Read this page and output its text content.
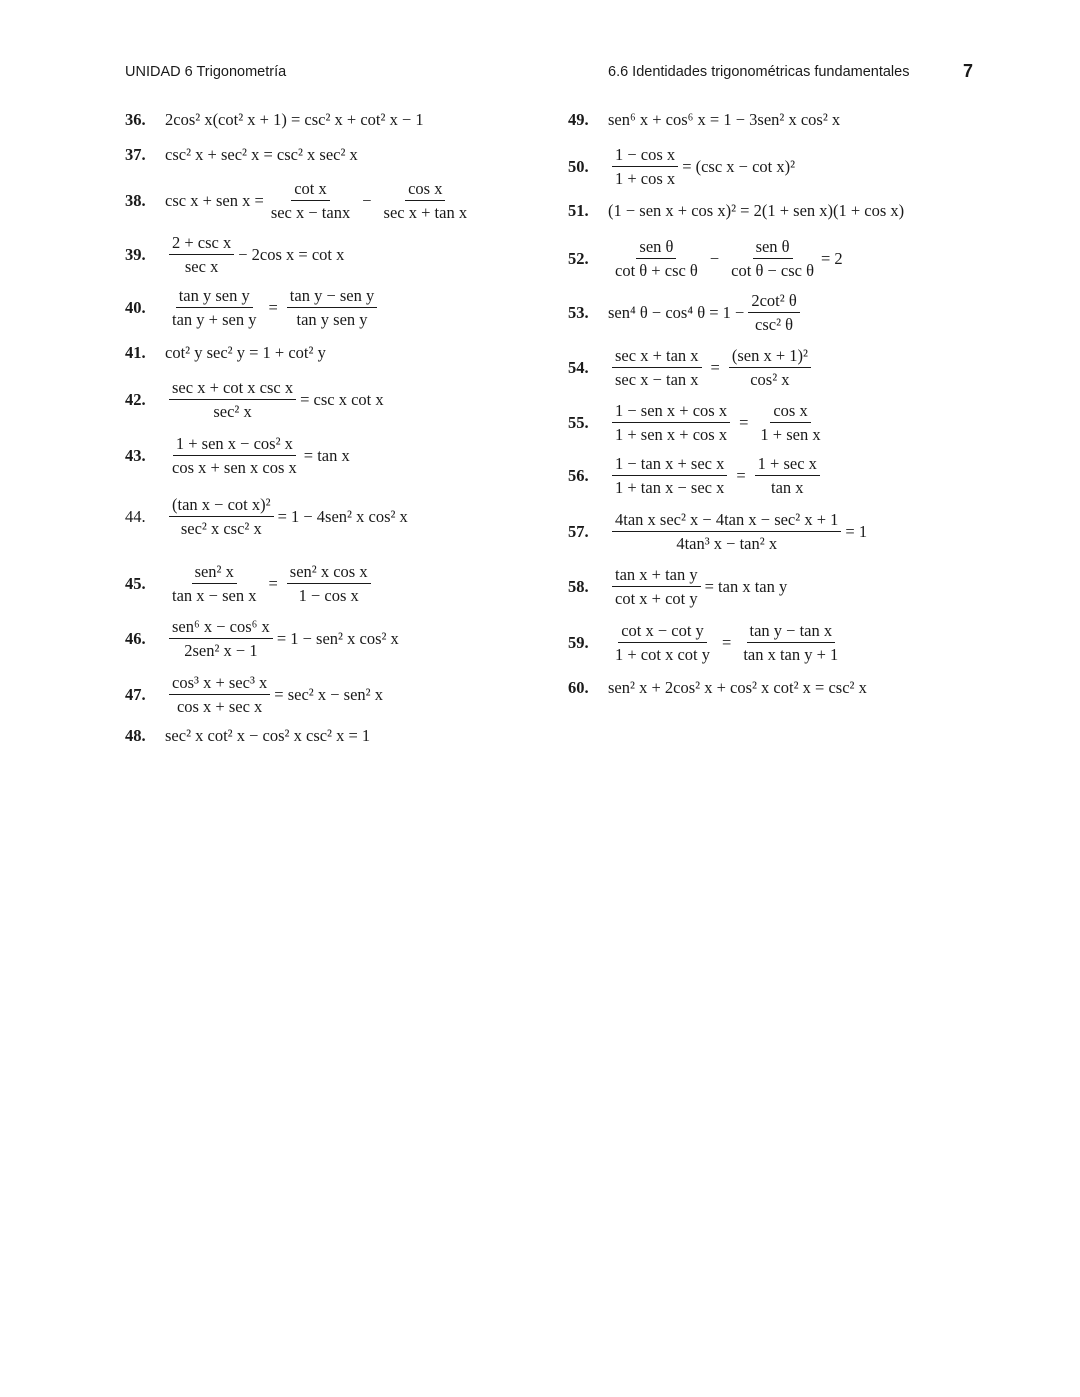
UNIDAD 6 Trigonometría	6.6 Identidades trigonométricas fundamentales	7
36.	2cos² x(cot² x + 1) = csc² x + cot² x − 1
37.	csc² x + sec² x = csc² x sec² x
38.	csc x + sen $x = \frac{\text{cot x}}{\text{sec x − tanx}} - \frac{\text{cos x}}{\text{sec x + tan x}}$
39.	$\frac{\text{2 + csc x}}{\text{sec x}} - 2\cos$ x = cot x
40.	$\frac{\text{tan y sen y}}{\text{tan y + sen y}} = \frac{\text{tan y − sen y}}{\text{tan y sen y}}$
41.	cot² y sec² y = 1 + cot² y
42.	$\frac{\text{sec x + cot x csc x}}{\text{sec² x}} = \csc x$ cot x
43.	$\frac{\text{1 + sen x − cos² x}}{\text{cos x + sen x cos x}} = \tan x$
44.	$\frac{\text{(tan x − cot x)²}}{\text{sec² x csc² x}} = 1 - 4sen^2$ x cos² x
45.	$\frac{\text{sen² x}}{\text{tan x − sen x}} = \frac{\text{sen² x cos x}}{\text{1 − cos x}}$
46.	$\frac{\text{sen⁶ x − cos⁶ x}}{\text{2sen² x − 1}} = 1 - sen^2$ x cos² x
47.	$\frac{\text{cos³ x + sec³ x}}{\text{cos x + sec x}} = \sec^2$ x − sen² x
48.	sec² x cot² x − cos² x csc² x = 1
49.	sen⁶ x + cos⁶ x = 1 − 3sen² x cos² x
50.	$\frac{\text{1 − cos x}}{\text{1 + cos x}} = (\csc$ x − cot x)²
51.	(1 − sen x + cos x)² = 2(1 + sen x)(1 + cos x)
52.	$\frac{\text{sen θ}}{\text{cot θ + csc θ}} - \frac{\text{sen θ}}{\text{cot θ − csc θ}} = 2$
53.	sen⁴ θ − cos⁴ $\theta = 1 - \frac{\text{2cot² θ}}{\text{csc² θ}}$
54.	$\frac{\text{sec x + tan x}}{\text{sec x − tan x}} = \frac{\text{(sen x + 1)²}}{\text{cos² x}}$
55.	$\frac{\text{1 − sen x + cos x}}{\text{1 + sen x + cos x}} = \frac{\text{cos x}}{\text{1 + sen x}}$
56.	$\frac{\text{1 − tan x + sec x}}{\text{1 + tan x − sec x}} = \frac{\text{1 + sec x}}{\text{tan x}}$
57.	$\frac{\text{4tan x sec² x − 4tan x − sec² x + 1}}{\text{4tan³ x − tan² x}} = 1$
58.	$\frac{\text{tan x + tan y}}{\text{cot x + cot y}} = \tan x$ tan y
59.	$\frac{\text{cot x − cot y}}{\text{1 + cot x cot y}} = \frac{\text{tan y − tan x}}{\text{tan x tan y + 1}}$
60.	sen² x + 2cos² x + cos² x cot² x = csc² x
